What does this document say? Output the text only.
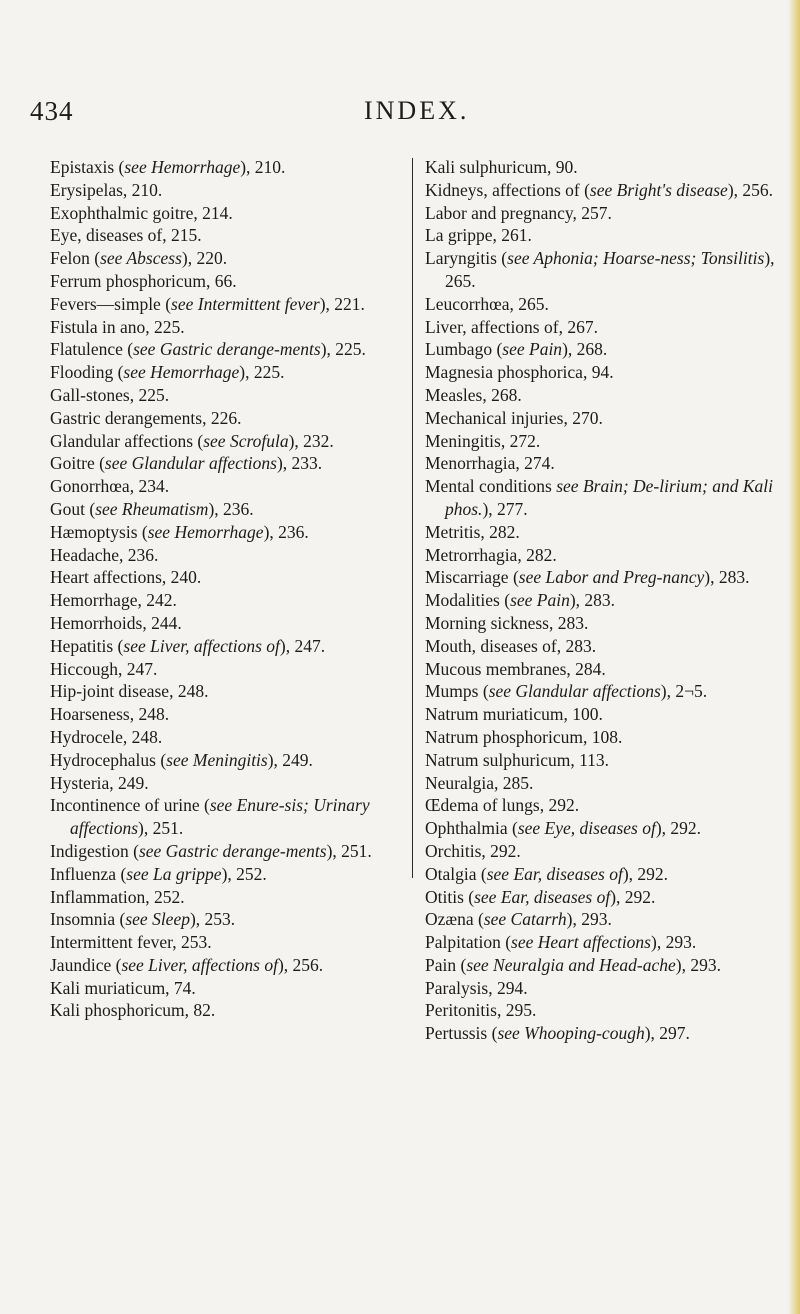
434	INDEX.
Epistaxis (see Hemorrhage), 210.
Erysipelas, 210.
Exophthalmic goitre, 214.
Eye, diseases of, 215.
Felon (see Abscess), 220.
Ferrum phosphoricum, 66.
Fevers—simple (see Intermittent fever), 221.
Fistula in ano, 225.
Flatulence (see Gastric derange-ments), 225.
Flooding (see Hemorrhage), 225.
Gall-stones, 225.
Gastric derangements, 226.
Glandular affections (see Scrofula), 232.
Goitre (see Glandular affections), 233.
Gonorrhœa, 234.
Gout (see Rheumatism), 236.
Hæmoptysis (see Hemorrhage), 236.
Headache, 236.
Heart affections, 240.
Hemorrhage, 242.
Hemorrhoids, 244.
Hepatitis (see Liver, affections of), 247.
Hiccough, 247.
Hip-joint disease, 248.
Hoarseness, 248.
Hydrocele, 248.
Hydrocephalus (see Meningitis), 249.
Hysteria, 249.
Incontinence of urine (see Enure-sis; Urinary affections), 251.
Indigestion (see Gastric derange-ments), 251.
Influenza (see La grippe), 252.
Inflammation, 252.
Insomnia (see Sleep), 253.
Intermittent fever, 253.
Jaundice (see Liver, affections of), 256.
Kali muriaticum, 74.
Kali phosphoricum, 82.
Kali sulphuricum, 90.
Kidneys, affections of (see Bright's disease), 256.
Labor and pregnancy, 257.
La grippe, 261.
Laryngitis (see Aphonia; Hoarse-ness; Tonsilitis), 265.
Leucorrhœa, 265.
Liver, affections of, 267.
Lumbago (see Pain), 268.
Magnesia phosphorica, 94.
Measles, 268.
Mechanical injuries, 270.
Meningitis, 272.
Menorrhagia, 274.
Mental conditions see Brain; De-lirium; and Kali phos.), 277.
Metritis, 282.
Metrorrhagia, 282.
Miscarriage (see Labor and Preg-nancy), 283.
Modalities (see Pain), 283.
Morning sickness, 283.
Mouth, diseases of, 283.
Mucous membranes, 284.
Mumps (see Glandular affections), 2¬5.
Natrum muriaticum, 100.
Natrum phosphoricum, 108.
Natrum sulphuricum, 113.
Neuralgia, 285.
Œdema of lungs, 292.
Ophthalmia (see Eye, diseases of), 292.
Orchitis, 292.
Otalgia (see Ear, diseases of), 292.
Otitis (see Ear, diseases of), 292.
Ozæna (see Catarrh), 293.
Palpitation (see Heart affections), 293.
Pain (see Neuralgia and Head-ache), 293.
Paralysis, 294.
Peritonitis, 295.
Pertussis (see Whooping-cough), 297.
